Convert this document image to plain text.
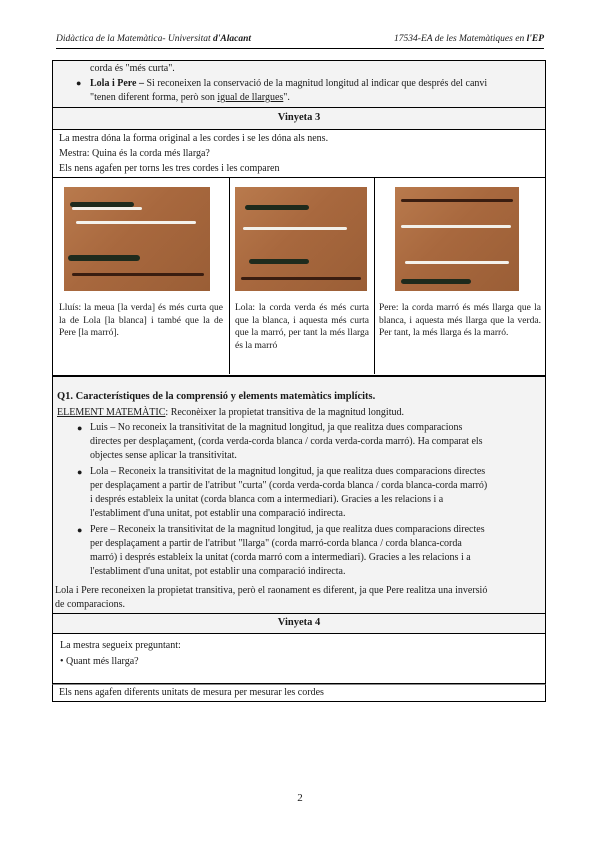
Didàctica de la Matemàtica- Universitat d'Alacant	17534-EA de les Matemàtiques en l'EP
corda és "més curta".
● Lola i Pere – Si reconeixen la conservació de la magnitud longitud al indicar que després del canvi
"tenen diferent forma, però son igual de llargues".
Vinyeta 3
La mestra dóna la forma original a les cordes i se les dóna als nens.
Mestra: Quina és la corda més llarga?
Els nens agafen per torns les tres cordes i les comparen
Lluís: la meua [la verda] és més curta que la de Lola [la blanca] i també que la de Pere [la marró].
Lola: la corda verda és més curta que la blanca, i aquesta més curta que la marró, per tant la més llarga és la marró
Pere: la corda marró és més llarga que la blanca, i aquesta més llarga que la verda. Per tant, la més llarga és la marró.
Q1. Característiques de la comprensió y elements matemàtics implícits.
ELEMENT MATEMÀTIC: Reconèixer la propietat transitiva de la magnitud longitud.
● Luis – No reconeix la transitivitat de la magnitud longitud, ja que realitza dues comparacions
directes per desplaçament, (corda verda-corda blanca / corda verda-corda marró). Ha comparat els
objectes sense aplicar la transitivitat.
● Lola – Reconeix la transitivitat de la magnitud longitud, ja que realitza dues comparacions directes
per desplaçament a partir de l'atribut "curta" (corda verda-corda blanca / corda blanca-corda marró)
i després estableix la unitat (corda blanca com a intermediari). Gracies a les relacions i a
l'establiment d'una unitat, pot establir una comparació indirecta.
● Pere – Reconeix la transitivitat de la magnitud longitud, ja que realitza dues comparacions directes
per desplaçament a partir de l'atribut "llarga" (corda marró-corda blanca / corda blanca-corda
marró) i després estableix la unitat (corda marró com a intermediari). Gracies a les relacions i a
l'establiment d'una unitat, pot establir una comparació indirecta.
Lola i Pere reconeixen la propietat transitiva, però el raonament es diferent, ja que Pere realitza una inversió
de comparacions.
Vinyeta 4
La mestra segueix preguntant:
• Quant més llarga?
Els nens agafen diferents unitats de mesura per mesurar les cordes
2
